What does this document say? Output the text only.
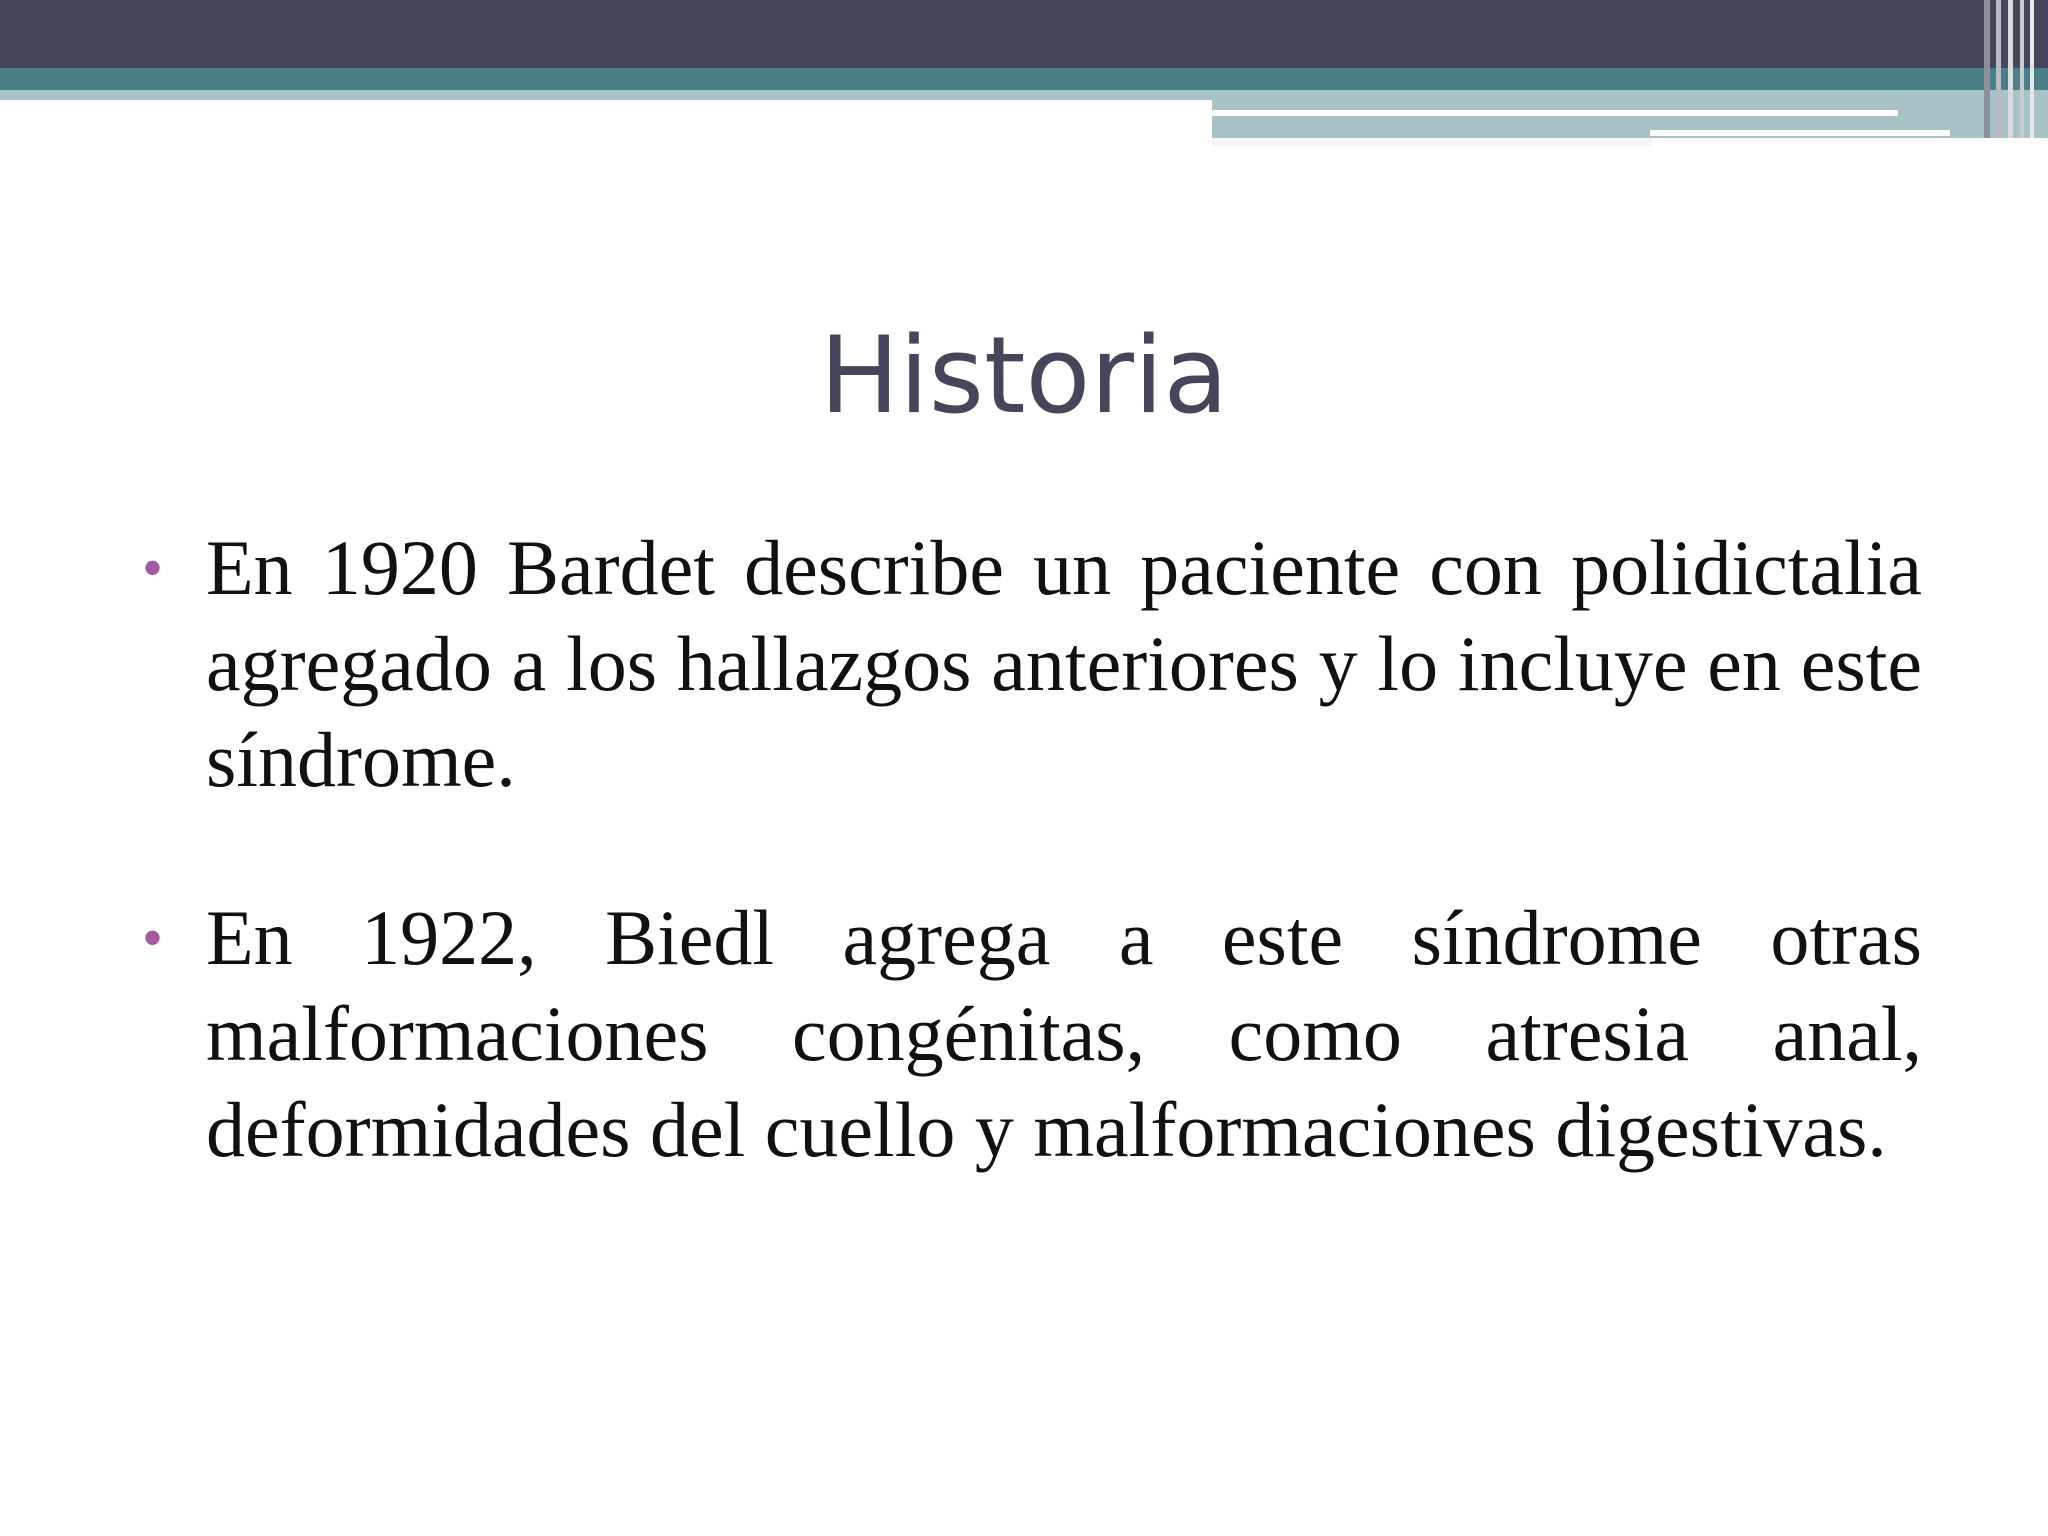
Historia
• En 1920 Bardet describe un paciente con polidictalia agregado a los hallazgos anteriores y lo incluye en este síndrome.
• En 1922, Biedl agrega a este síndrome otras malformaciones congénitas, como atresia anal, deformidades del cuello y malformaciones digestivas.
